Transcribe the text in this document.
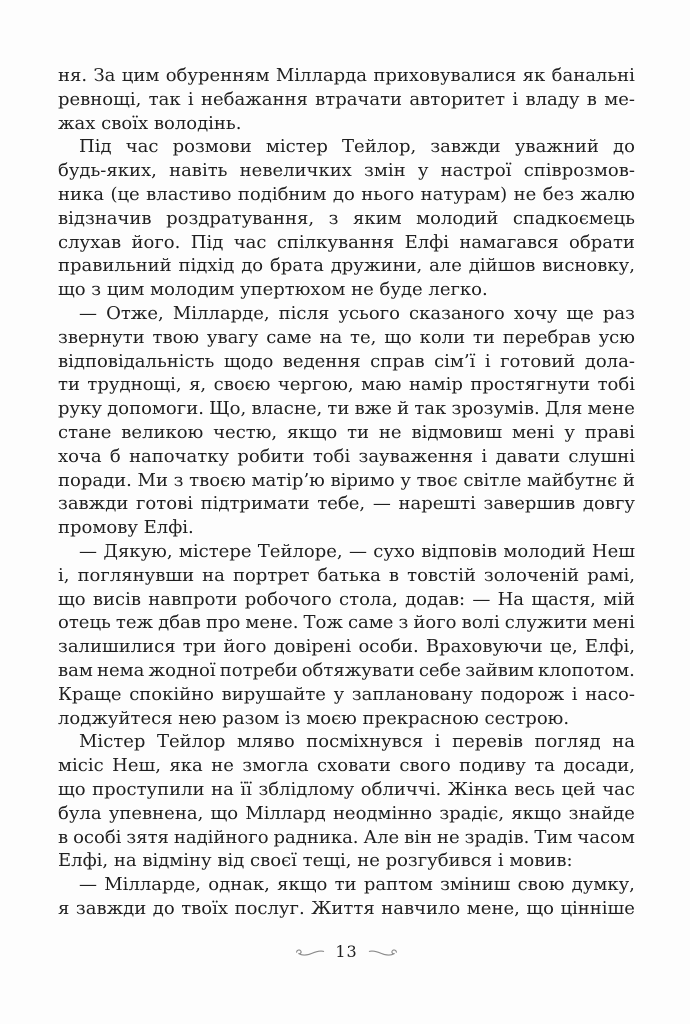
ня. За цим обуренням Мілларда приховувалися як банальні
ревнощі, так і небажання втрачати авторитет і владу в ме-
жах своїх володінь.
Під час розмови містер Тейлор, завжди уважний до
будь-яких, навіть невеличких змін у настрої співрозмов-
ника (це властиво подібним до нього натурам) не без жалю
відзначив роздратування, з яким молодий спадкоємець
слухав його. Під час спілкування Елфі намагався обрати
правильний підхід до брата дружини, але дійшов висновку,
що з цим молодим упертюхом не буде легко.
— Отже, Мілларде, після усього сказаного хочу ще раз
звернути твою увагу саме на те, що коли ти перебрав усю
відповідальність щодо ведення справ сім’ї і готовий дола-
ти труднощі, я, своєю чергою, маю намір простягнути тобі
руку допомоги. Що, власне, ти вже й так зрозумів. Для мене
стане великою честю, якщо ти не відмовиш мені у праві
хоча б напочатку робити тобі зауваження і давати слушні
поради. Ми з твоєю матір’ю віримо у твоє світле майбутнє й
завжди готові підтримати тебе, — нарешті завершив довгу
промову Елфі.
— Дякую, містере Тейлоре, — сухо відповів молодий Неш
і, поглянувши на портрет батька в товстій золоченій рамі,
що висів навпроти робочого стола, додав: — На щастя, мій
отець теж дбав про мене. Тож саме з його волі служити мені
залишилися три його довірені особи. Враховуючи це, Елфі,
вам нема жодної потреби обтяжувати себе зайвим клопотом.
Краще спокійно вирушайте у заплановану подорож і насо-
лоджуйтеся нею разом із моєю прекрасною сестрою.
Містер Тейлор мляво посміхнувся і перевів погляд на
місіс Неш, яка не змогла сховати свого подиву та досади,
що проступили на її зблідлому обличчі. Жінка весь цей час
була упевнена, що Міллард неодмінно зрадіє, якщо знайде
в особі зятя надійного радника. Але він не зрадів. Тим часом
Елфі, на відміну від своєї тещі, не розгубився і мовив:
— Мілларде, однак, якщо ти раптом зміниш свою думку,
я завжди до твоїх послуг. Життя навчило мене, що цінніше
13
